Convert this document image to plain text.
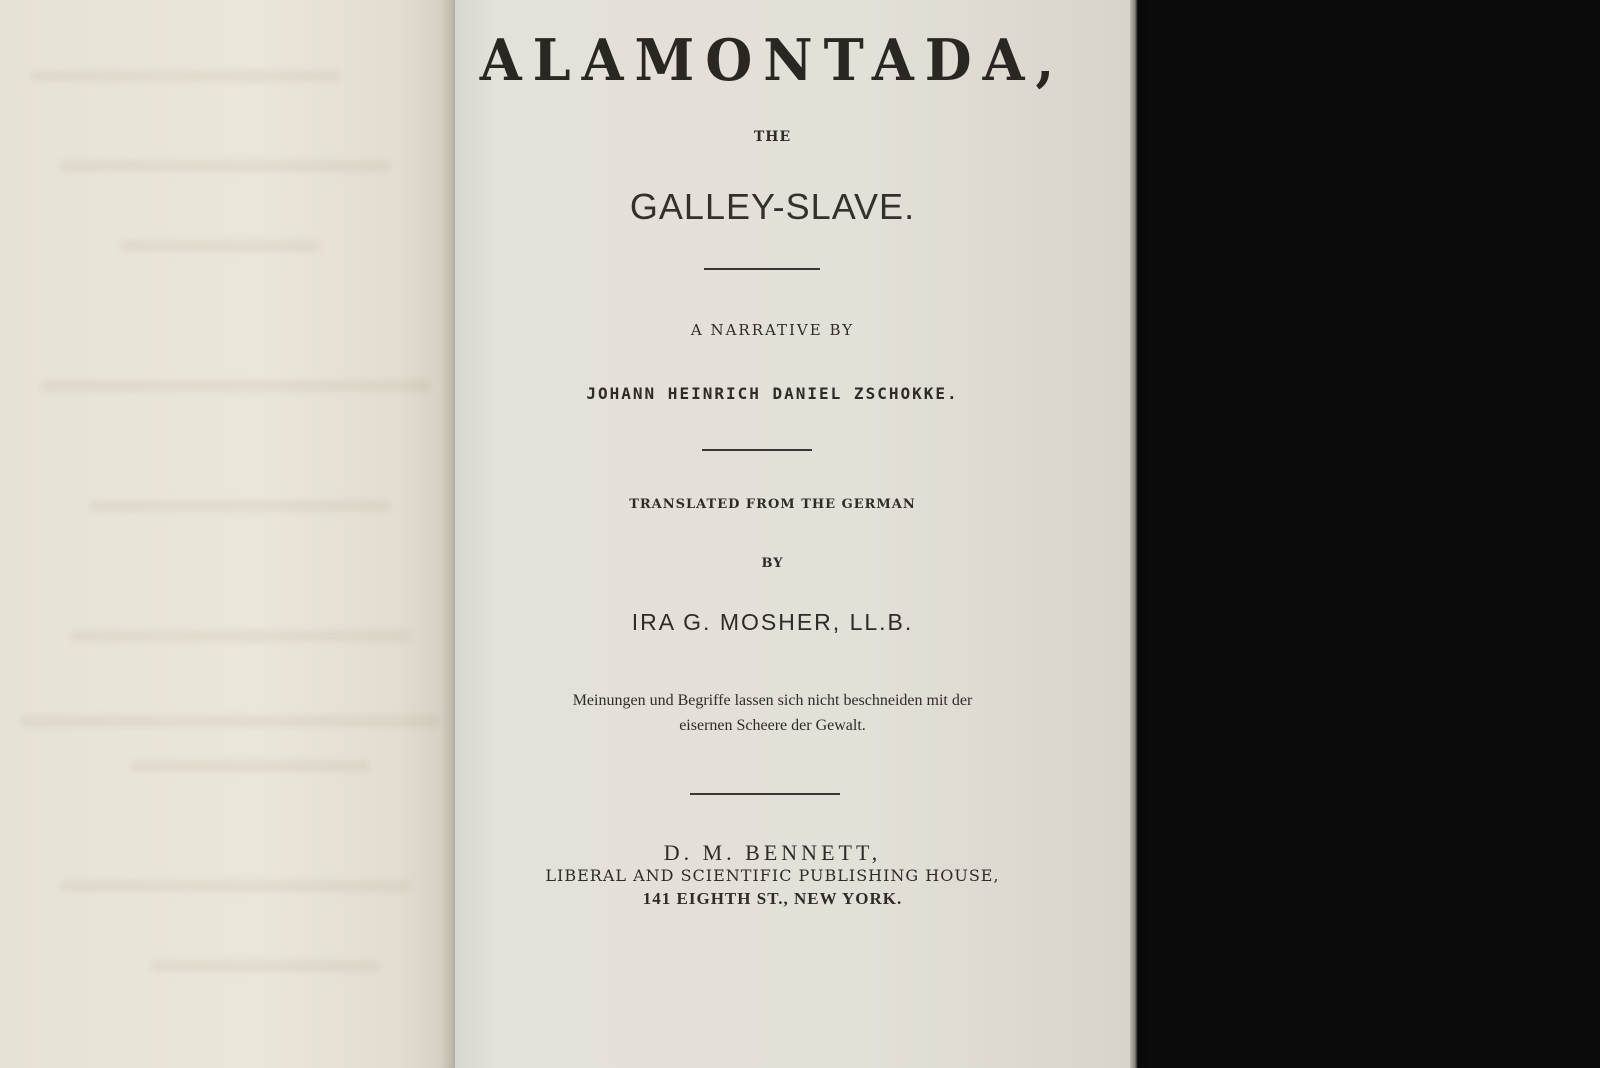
ALAMONTADA,
THE
GALLEY-SLAVE.
A NARRATIVE BY
JOHANN HEINRICH DANIEL ZSCHOKKE.
TRANSLATED FROM THE GERMAN
BY
IRA G. MOSHER, LL.B.
Meinungen und Begriffe lassen sich nicht beschneiden mit der
eisernen Scheere der Gewalt.
D. M. BENNETT,
LIBERAL AND SCIENTIFIC PUBLISHING HOUSE,
141 EIGHTH ST., NEW YORK.
